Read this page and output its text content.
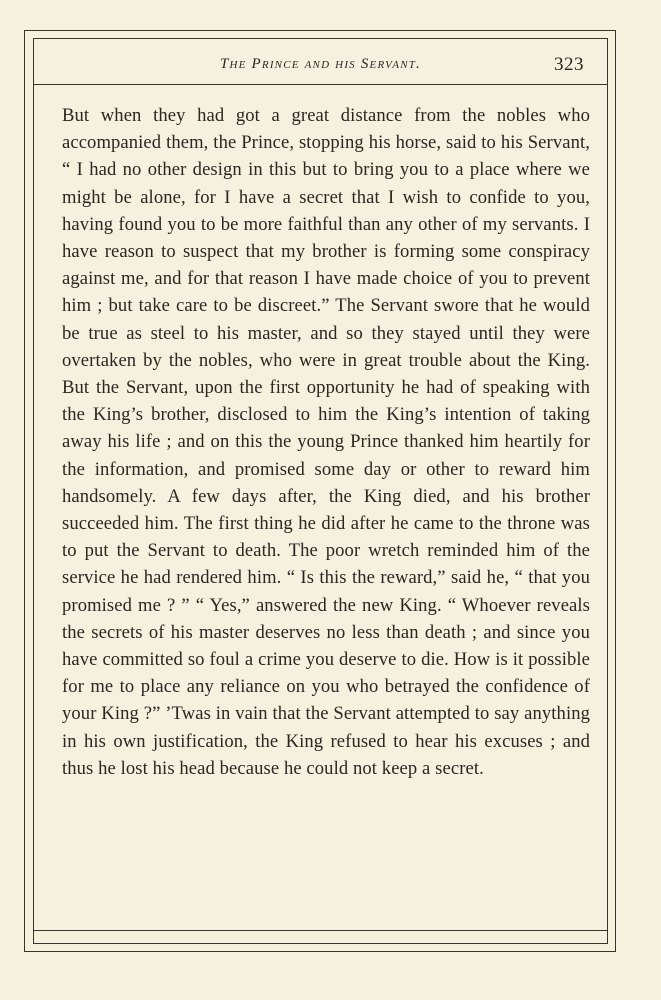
The Prince and his Servant.	323

But when they had got a great distance from the nobles who accompanied them, the Prince, stopping his horse, said to his Servant, “ I had no other design in this but to bring you to a place where we might be alone, for I have a secret that I wish to confide to you, having found you to be more faithful than any other of my servants. I have reason to suspect that my brother is forming some conspiracy against me, and for that reason I have made choice of you to prevent him ; but take care to be discreet.” The Servant swore that he would be true as steel to his master, and so they stayed until they were overtaken by the nobles, who were in great trouble about the King. But the Servant, upon the first opportunity he had of speaking with the King’s brother, disclosed to him the King’s intention of taking away his life ; and on this the young Prince thanked him heartily for the information, and promised some day or other to reward him handsomely. A few days after, the King died, and his brother succeeded him. The first thing he did after he came to the throne was to put the Servant to death. The poor wretch reminded him of the service he had rendered him. “ Is this the reward,” said he, “ that you promised me ? ” “ Yes,” answered the new King. “ Whoever reveals the secrets of his master deserves no less than death ; and since you have committed so foul a crime you deserve to die. How is it possible for me to place any reliance on you who betrayed the confidence of your King ?” ’Twas in vain that the Servant attempted to say anything in his own justification, the King refused to hear his excuses ; and thus he lost his head because he could not keep a secret.
